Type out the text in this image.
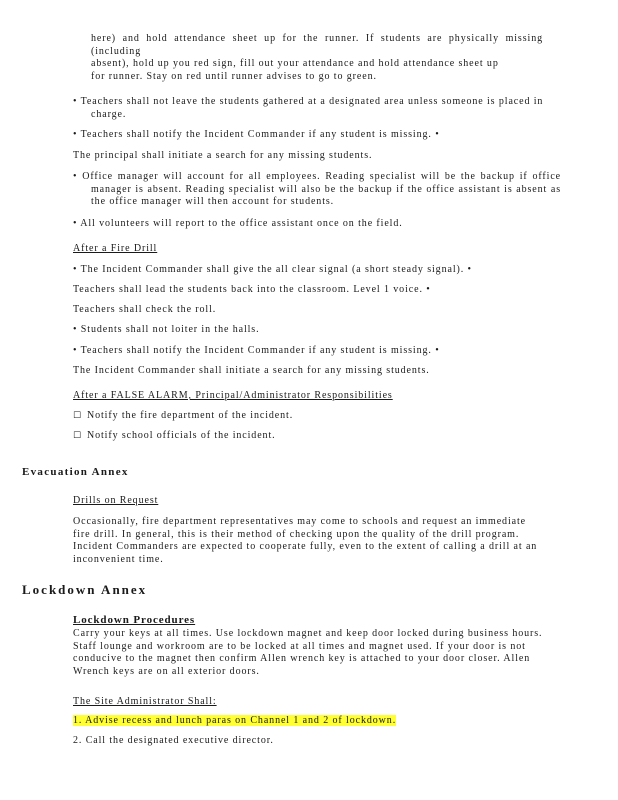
here) and hold attendance sheet up for the runner. If students are physically missing (including
absent), hold up you red sign, fill out your attendance and hold attendance sheet up
for runner. Stay on red until runner advises to go to green.
• Teachers shall not leave the students gathered at a designated area unless someone is placed in charge.
• Teachers shall notify the Incident Commander if any student is missing. •
The principal shall initiate a search for any missing students.
• Office manager will account for all employees. Reading specialist will be the backup if office manager is absent. Reading specialist will also be the backup if the office assistant is absent as the office manager will then account for students.
• All volunteers will report to the office assistant once on the field.
After a Fire Drill
• The Incident Commander shall give the all clear signal (a short steady signal). •
Teachers shall lead the students back into the classroom. Level 1 voice. •
Teachers shall check the roll.
• Students shall not loiter in the halls.
• Teachers shall notify the Incident Commander if any student is missing. •
The Incident Commander shall initiate a search for any missing students.
After a FALSE ALARM, Principal/Administrator Responsibilities
☐ Notify the fire department of the incident.
☐ Notify school officials of the incident.
Evacuation Annex
Drills on Request
Occasionally, fire department representatives may come to schools and request an immediate
fire drill. In general, this is their method of checking upon the quality of the drill program.
Incident Commanders are expected to cooperate fully, even to the extent of calling a drill at an
inconvenient time.
Lockdown Annex
Lockdown Procedures
Carry your keys at all times. Use lockdown magnet and keep door locked during business hours.
Staff lounge and workroom are to be locked at all times and magnet used. If your door is not
conducive to the magnet then confirm Allen wrench key is attached to your door closer. Allen
Wrench keys are on all exterior doors.
The Site Administrator Shall:
1. Advise recess and lunch paras on Channel 1 and 2 of lockdown.
2. Call the designated executive director.
